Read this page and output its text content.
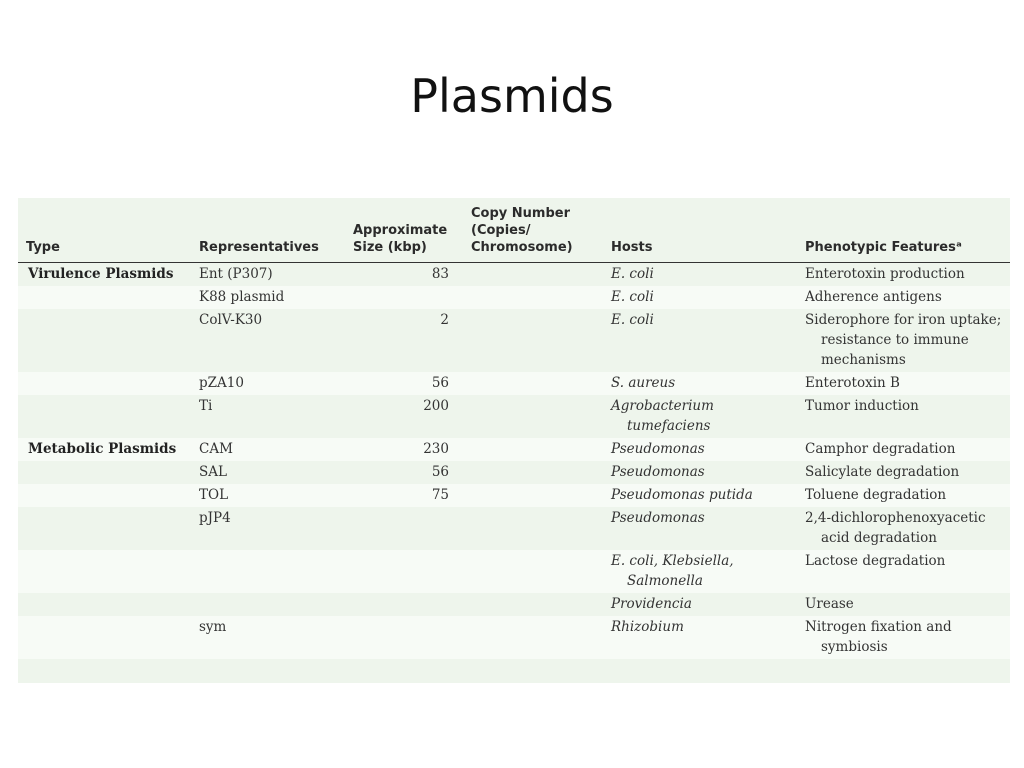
Plasmids
Type	Representatives	Approximate Size (kbp)	Copy Number (Copies/ Chromosome)	Hosts	Phenotypic Featuresᵃ
Virulence Plasmids	Ent (P307)	83		E. coli	Enterotoxin production

	K88 plasmid			E. coli	Adherence antigens

	ColV-K30	2		E. coli	Siderophore for iron uptake; resistance to immune mechanisms

	pZA10	56		S. aureus	Enterotoxin B

	Ti	200		Agrobacterium tumefaciens	Tumor induction

Metabolic Plasmids	CAM	230		Pseudomonas	Camphor degradation

	SAL	56		Pseudomonas	Salicylate degradation

	TOL	75		Pseudomonas putida	Toluene degradation

	pJP4			Pseudomonas	2,4-dichlorophenoxyacetic acid degradation

				E. coli, Klebsiella, Salmonella	Lactose degradation

				Providencia	Urease

	sym			Rhizobium	Nitrogen fixation and symbiosis
